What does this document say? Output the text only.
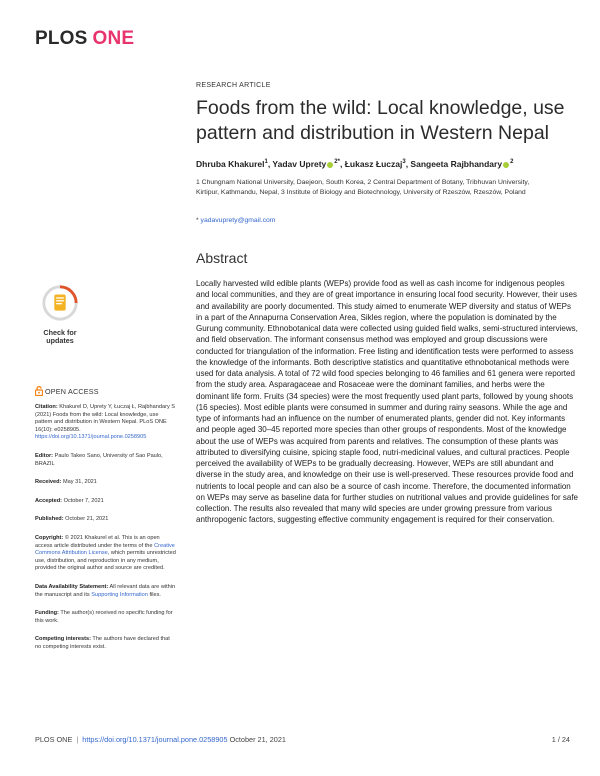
PLOS ONE
RESEARCH ARTICLE
Foods from the wild: Local knowledge, use pattern and distribution in Western Nepal
Dhruba Khakurel$^1$, Yadav Uprety $^{2*}$, Łukasz Łuczaj$^3$, Sangeeta Rajbhandary $^2$
1 Chungnam National University, Daejeon, South Korea, 2 Central Department of Botany, Tribhuvan University, Kirtipur, Kathmandu, Nepal, 3 Institute of Biology and Biotechnology, University of Rzeszów, Rzeszów, Poland
* yadavuprety@gmail.com
Abstract
Locally harvested wild edible plants (WEPs) provide food as well as cash income for indigenous peoples and local communities, and they are of great importance in ensuring local food security. However, their uses and availability are poorly documented. This study aimed to enumerate WEP diversity and status of WEPs in a part of the Annapurna Conservation Area, Sikles region, where the population is dominated by the Gurung community. Ethnobotanical data were collected using guided field walks, semi-structured interviews, and field observation. The informant consensus method was employed and group discussions were conducted for triangulation of the information. Free listing and identification tests were performed to assess the knowledge of the informants. Both descriptive statistics and quantitative ethnobotanical methods were used for data analysis. A total of 72 wild food species belonging to 46 families and 61 genera were reported from the study area. Asparagaceae and Rosaceae were the dominant families, and herbs were the dominant life form. Fruits (34 species) were the most frequently used plant parts, followed by young shoots (16 species). Most edible plants were consumed in summer and during rainy seasons. While the age and type of informants had an influence on the number of enumerated plants, gender did not. Key informants and people aged 30–45 reported more species than other groups of respondents. Most of the knowledge about the use of WEPs was acquired from parents and relatives. The consumption of these plants was attributed to diversifying cuisine, spicing staple food, nutri-medicinal values, and cultural practices. People perceived the availability of WEPs to be gradually decreasing. However, WEPs are still abundant and diverse in the study area, and knowledge on their use is well-preserved. These resources provide food and nutrients to local people and can also be a source of cash income. Therefore, the documented information on WEPs may serve as baseline data for further studies on nutritional values and provide guidelines for safe collection. The results also revealed that many wild species are under growing pressure from various anthropogenic factors, suggesting effective community engagement is required for their conservation.
Check for
updates
OPEN ACCESS

Citation: Khakurel D, Uprety Y, Łuczaj Ł, Rajbhandary S (2021) Foods from the wild: Local knowledge, use pattern and distribution in Western Nepal. PLoS ONE 16(10): e0258905. https://doi.org/10.1371/journal.pone.0258905

Editor: Paulo Takeo Sano, University of Sao Paulo, BRAZIL

Received: May 31, 2021

Accepted: October 7, 2021

Published: October 21, 2021

Copyright: © 2021 Khakurel et al. This is an open access article distributed under the terms of the Creative Commons Attribution License, which permits unrestricted use, distribution, and reproduction in any medium, provided the original author and source are credited.

Data Availability Statement: All relevant data are within the manuscript and its Supporting Information files.

Funding: The author(s) received no specific funding for this work.

Competing interests: The authors have declared that no competing interests exist.

PLOS ONE | https://doi.org/10.1371/journal.pone.0258905 October 21, 2021	1 / 24
